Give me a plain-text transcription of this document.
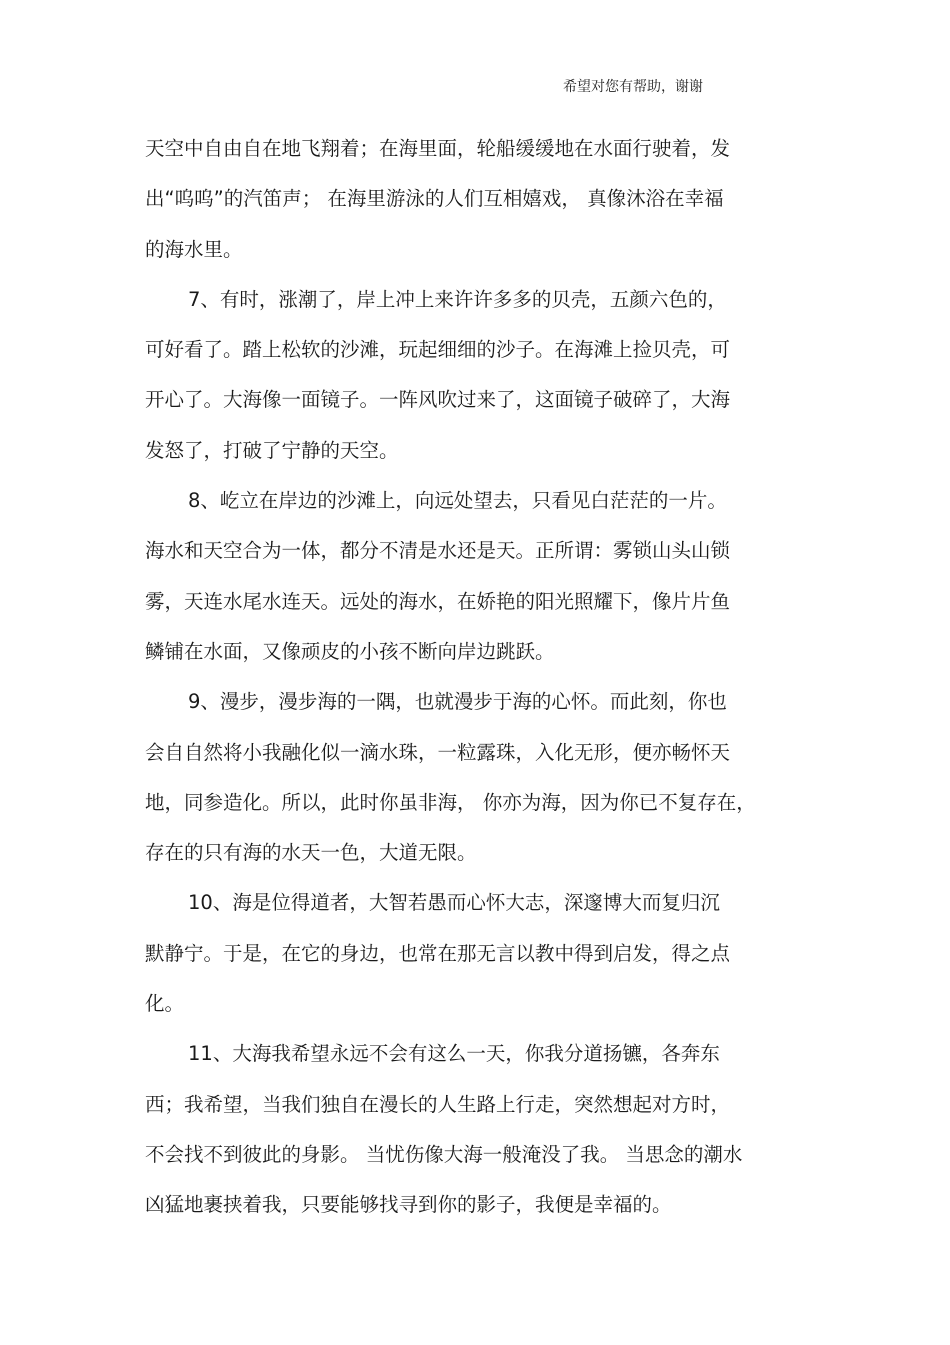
希望对您有帮助，谢谢
天空中自由自在地飞翔着；在海里面，轮船缓缓地在水面行驶着，发
出“呜呜”的汽笛声； 在海里游泳的人们互相嬉戏， 真像沐浴在幸福
的海水里。
7、有时，涨潮了，岸上冲上来许许多多的贝壳，五颜六色的，
可好看了。踏上松软的沙滩，玩起细细的沙子。在海滩上捡贝壳，可
开心了。大海像一面镜子。一阵风吹过来了，这面镜子破碎了，大海
发怒了，打破了宁静的天空。
8、屹立在岸边的沙滩上，向远处望去，只看见白茫茫的一片。
海水和天空合为一体，都分不清是水还是天。正所谓：雾锁山头山锁
雾，天连水尾水连天。远处的海水，在娇艳的阳光照耀下，像片片鱼
鳞铺在水面，又像顽皮的小孩不断向岸边跳跃。
9、漫步，漫步海的一隅，也就漫步于海的心怀。而此刻，你也
会自自然将小我融化似一滴水珠，一粒露珠，入化无形，便亦畅怀天
地，同参造化。所以，此时你虽非海， 你亦为海，因为你已不复存在，
存在的只有海的水天一色，大道无限。
10、海是位得道者，大智若愚而心怀大志，深邃博大而复归沉
默静宁。于是，在它的身边，也常在那无言以教中得到启发，得之点
化。
11、大海我希望永远不会有这么一天，你我分道扬镳，各奔东
西；我希望，当我们独自在漫长的人生路上行走，突然想起对方时，
不会找不到彼此的身影。 当忧伤像大海一般淹没了我。 当思念的潮水
凶猛地裹挟着我，只要能够找寻到你的影子，我便是幸福的。
